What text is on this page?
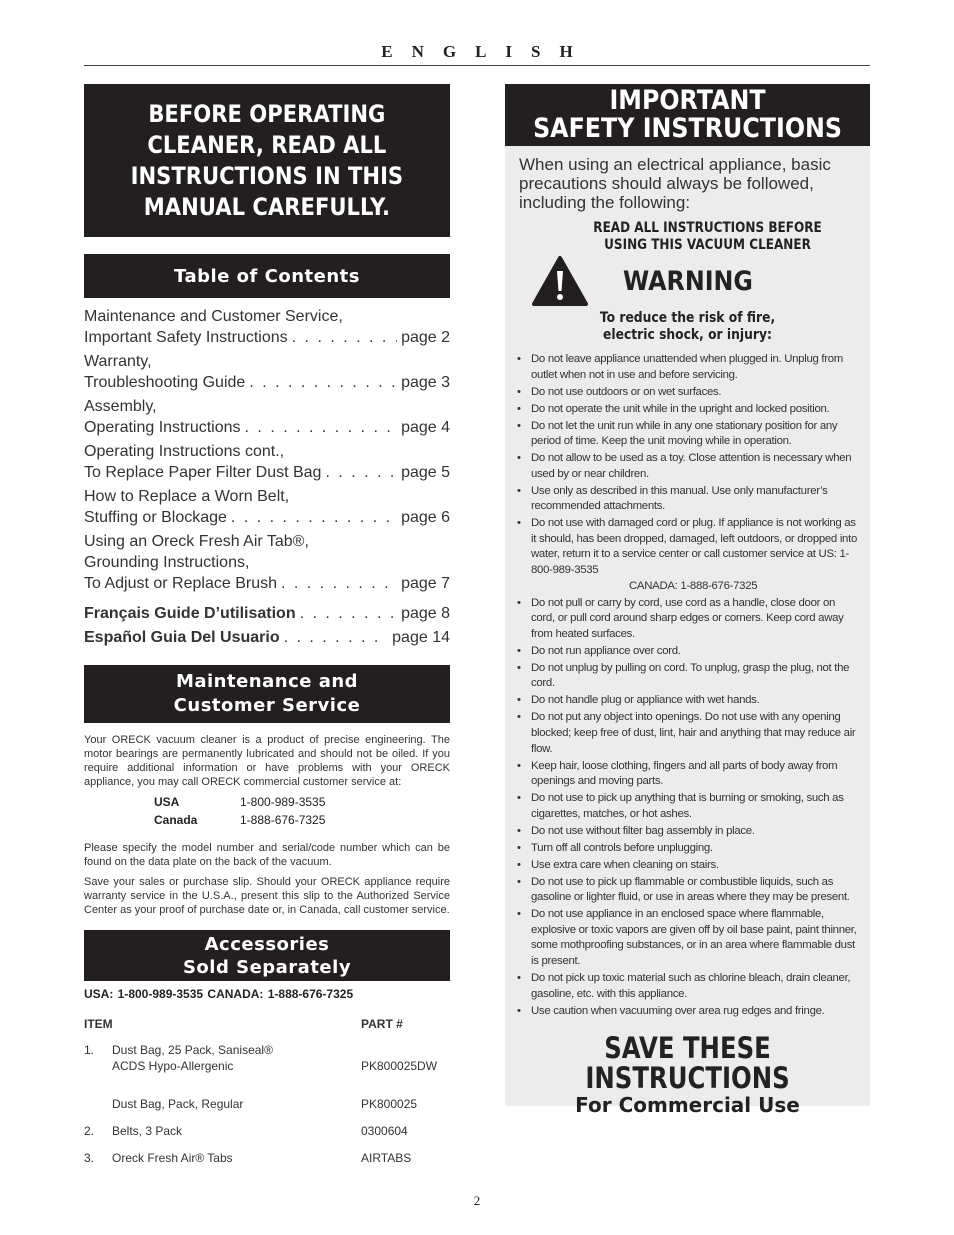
ENGLISH
BEFORE OPERATING
CLEANER, READ ALL
INSTRUCTIONS IN THIS
MANUAL CAREFULLY.
Table of Contents
Maintenance and Customer Service,
Important Safety Instructions . . .	page 2
Warranty,
Troubleshooting Guide . . .	page 3
Assembly,
Operating Instructions . . .	page 4
Operating Instructions cont.,
To Replace Paper Filter Dust Bag . . .	page 5
How to Replace a Worn Belt,
Stuffing or Blockage . . .	page 6
Using an Oreck Fresh Air Tab®,
Grounding Instructions,
To Adjust or Replace Brush . . .	page 7
Français Guide D’utilisation . . .	page 8
Español Guia Del Usuario . . .	page 14
Maintenance and
Customer Service
Your ORECK vacuum cleaner is a product of precise engineering. The motor bearings are permanently lubricated and should not be oiled. If you require additional information or have problems with your ORECK appliance, you may call ORECK commercial customer service at:
USA	1-800-989-3535
Canada	1-888-676-7325
Please specify the model number and serial/code number which can be found on the data plate on the back of the vacuum.
Save your sales or purchase slip. Should your ORECK appliance require warranty service in the U.S.A., present this slip to the Authorized Service Center as your proof of purchase date or, in Canada, call customer service.
Accessories
Sold Separately
USA: 1-800-989-3535 CANADA: 1-888-676-7325
ITEM	PART #
1.	Dust Bag, 25 Pack, Saniseal®
ACDS Hypo-Allergenic	PK800025DW
Dust Bag, Pack, Regular	PK800025
2.	Belts, 3 Pack	0300604
3.	Oreck Fresh Air® Tabs	AIRTABS
IMPORTANT
SAFETY INSTRUCTIONS
When using an electrical appliance, basic precautions should always be followed, including the following:
READ ALL INSTRUCTIONS BEFORE
USING THIS VACUUM CLEANER
WARNING
To reduce the risk of fire,
electric shock, or injury:
• Do not leave appliance unattended when plugged in. Unplug from outlet when not in use and before servicing.
• Do not use outdoors or on wet surfaces.
• Do not operate the unit while in the upright and locked position.
• Do not let the unit run while in any one stationary position for any period of time. Keep the unit moving while in operation.
• Do not allow to be used as a toy. Close attention is necessary when used by or near children.
• Use only as described in this manual. Use only manufacturer’s recommended attachments.
• Do not use with damaged cord or plug. If appliance is not working as it should, has been dropped, damaged, left outdoors, or dropped into water, return it to a service center or call customer service at US: 1-800-989-3535
CANADA: 1-888-676-7325
• Do not pull or carry by cord, use cord as a handle, close door on cord, or pull cord around sharp edges or corners. Keep cord away from heated surfaces.
• Do not run appliance over cord.
• Do not unplug by pulling on cord. To unplug, grasp the plug, not the cord.
• Do not handle plug or appliance with wet hands.
• Do not put any object into openings. Do not use with any opening blocked; keep free of dust, lint, hair and anything that may reduce air flow.
• Keep hair, loose clothing, fingers and all parts of body away from openings and moving parts.
• Do not use to pick up anything that is burning or smoking, such as cigarettes, matches, or hot ashes.
• Do not use without filter bag assembly in place.
• Turn off all controls before unplugging.
• Use extra care when cleaning on stairs.
• Do not use to pick up flammable or combustible liquids, such as gasoline or lighter fluid, or use in areas where they may be present.
• Do not use appliance in an enclosed space where flammable, explosive or toxic vapors are given off by oil base paint, paint thinner, some mothproofing substances, or in an area where flammable dust is present.
• Do not pick up toxic material such as chlorine bleach, drain cleaner, gasoline, etc. with this appliance.
• Use caution when vacuuming over area rug edges and fringe.
SAVE THESE INSTRUCTIONS
For Commercial Use
2
